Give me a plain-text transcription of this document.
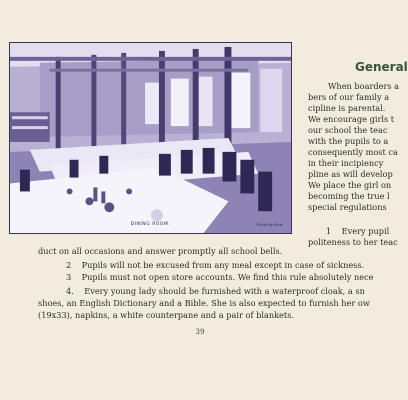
DINING ROOM.	Photo by Paris
General
When boarders a
bers of our family a
cipline is parental.
We encourage girls t
our school the teac
with the pupils to a
consequently most ca
in their incipiency
pline as will develop
We place the girl on
becoming the true l
special regulations
1 Every pupil
politeness to her teac
duct on all occasions and answer promptly all school bells.
2 Pupils will not be excused from any meal except in case of sickness.
3 Pupils must not open store accounts. We find this rule absolutely nece
4. Every young lady should be furnished with a waterproof cloak, a sn
shoes, an English Dictionary and a Bible. She is also expected to furnish her ow
(19x33), napkins, a white counterpane and a pair of blankets.
39
